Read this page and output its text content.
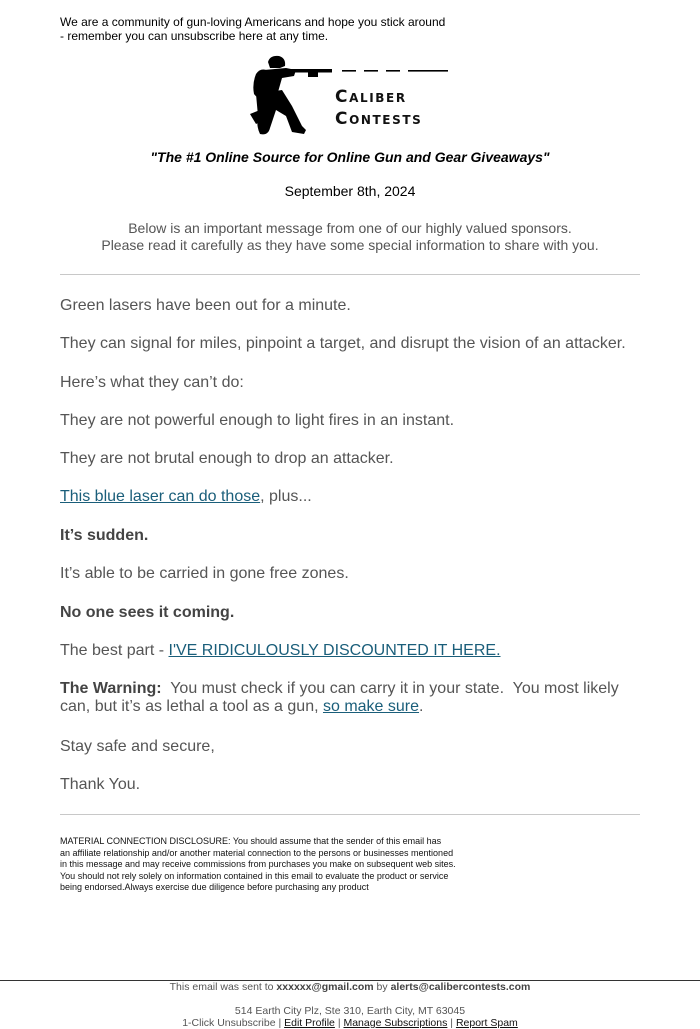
We are a community of gun-loving Americans and hope you stick around
- remember you can unsubscribe here at any time.
Caliber
Contests
"The #1 Online Source for Online Gun and Gear Giveaways"
September 8th, 2024
Below is an important message from one of our highly valued sponsors.
Please read it carefully as they have some special information to share with you.

Green lasers have been out for a minute.

They can signal for miles, pinpoint a target, and disrupt the vision of an attacker.

Here’s what they can’t do:

They are not powerful enough to light fires in an instant.

They are not brutal enough to drop an attacker.

This blue laser can do those, plus...

It’s sudden.

It’s able to be carried in gone free zones.

No one sees it coming.

The best part - I'VE RIDICULOUSLY DISCOUNTED IT HERE.

The Warning:  You must check if you can carry it in your state.  You most likely can, but it’s as lethal a tool as a gun, so make sure.

Stay safe and secure,

Thank You.

MATERIAL CONNECTION DISCLOSURE: You should assume that the sender of this email has
an affiliate relationship and/or another material connection to the persons or businesses mentioned
in this message and may receive commissions from purchases you make on subsequent web sites.
You should not rely solely on information contained in this email to evaluate the product or service
being endorsed.Always exercise due diligence before purchasing any product
This email was sent to xxxxxx@gmail.com by alerts@calibercontests.com
514 Earth City Plz, Ste 310, Earth City, MT 63045
1-Click Unsubscribe | Edit Profile | Manage Subscriptions | Report Spam
